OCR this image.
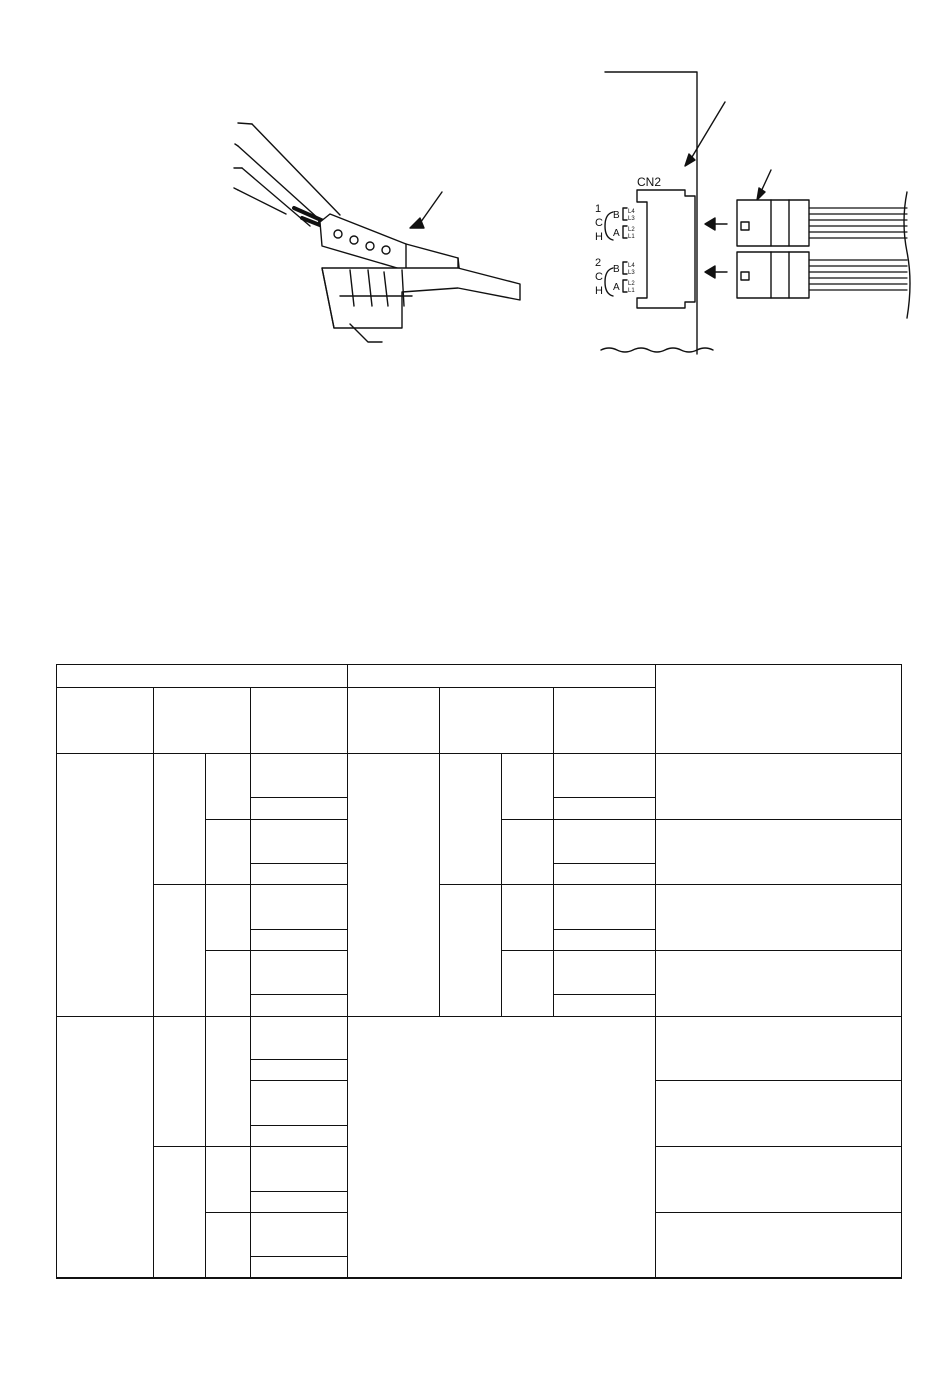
CN2
1
C
H
B L4
L3
A L2
L1
2
C
H
B L4
L3
A L2
L1
